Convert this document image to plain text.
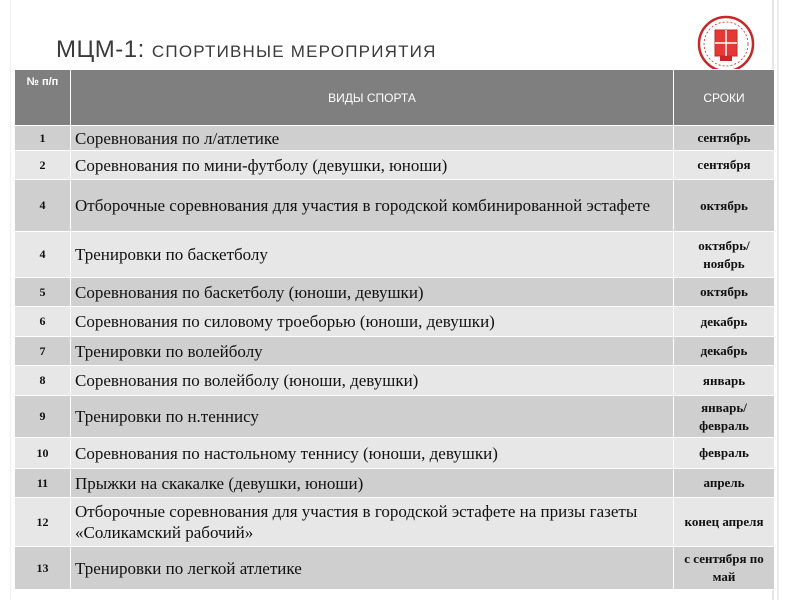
МЦМ-1: СПОРТИВНЫЕ МЕРОПРИЯТИЯ
№ п/п	ВИДЫ СПОРТА	СРОКИ
1	Соревнования по л/атлетике	сентябрь
2	Соревнования по мини-футболу (девушки, юноши)	сентября
4	Отборочные соревнования для участия в городской комбинированной эстафете	октябрь
4	Тренировки по баскетболу	октябрь/ ноябрь
5	Соревнования по баскетболу (юноши, девушки)	октябрь
6	Соревнования по силовому троеборью (юноши, девушки)	декабрь
7	Тренировки по волейболу	декабрь
8	Соревнования по волейболу (юноши, девушки)	январь
9	Тренировки по н.теннису	январь/ февраль
10	Соревнования по настольному теннису (юноши, девушки)	февраль
11	Прыжки на скакалке (девушки, юноши)	апрель
12	Отборочные соревнования для участия в городской эстафете на призы газеты «Соликамский рабочий»	конец апреля
13	Тренировки по легкой атлетике	с сентября по май
